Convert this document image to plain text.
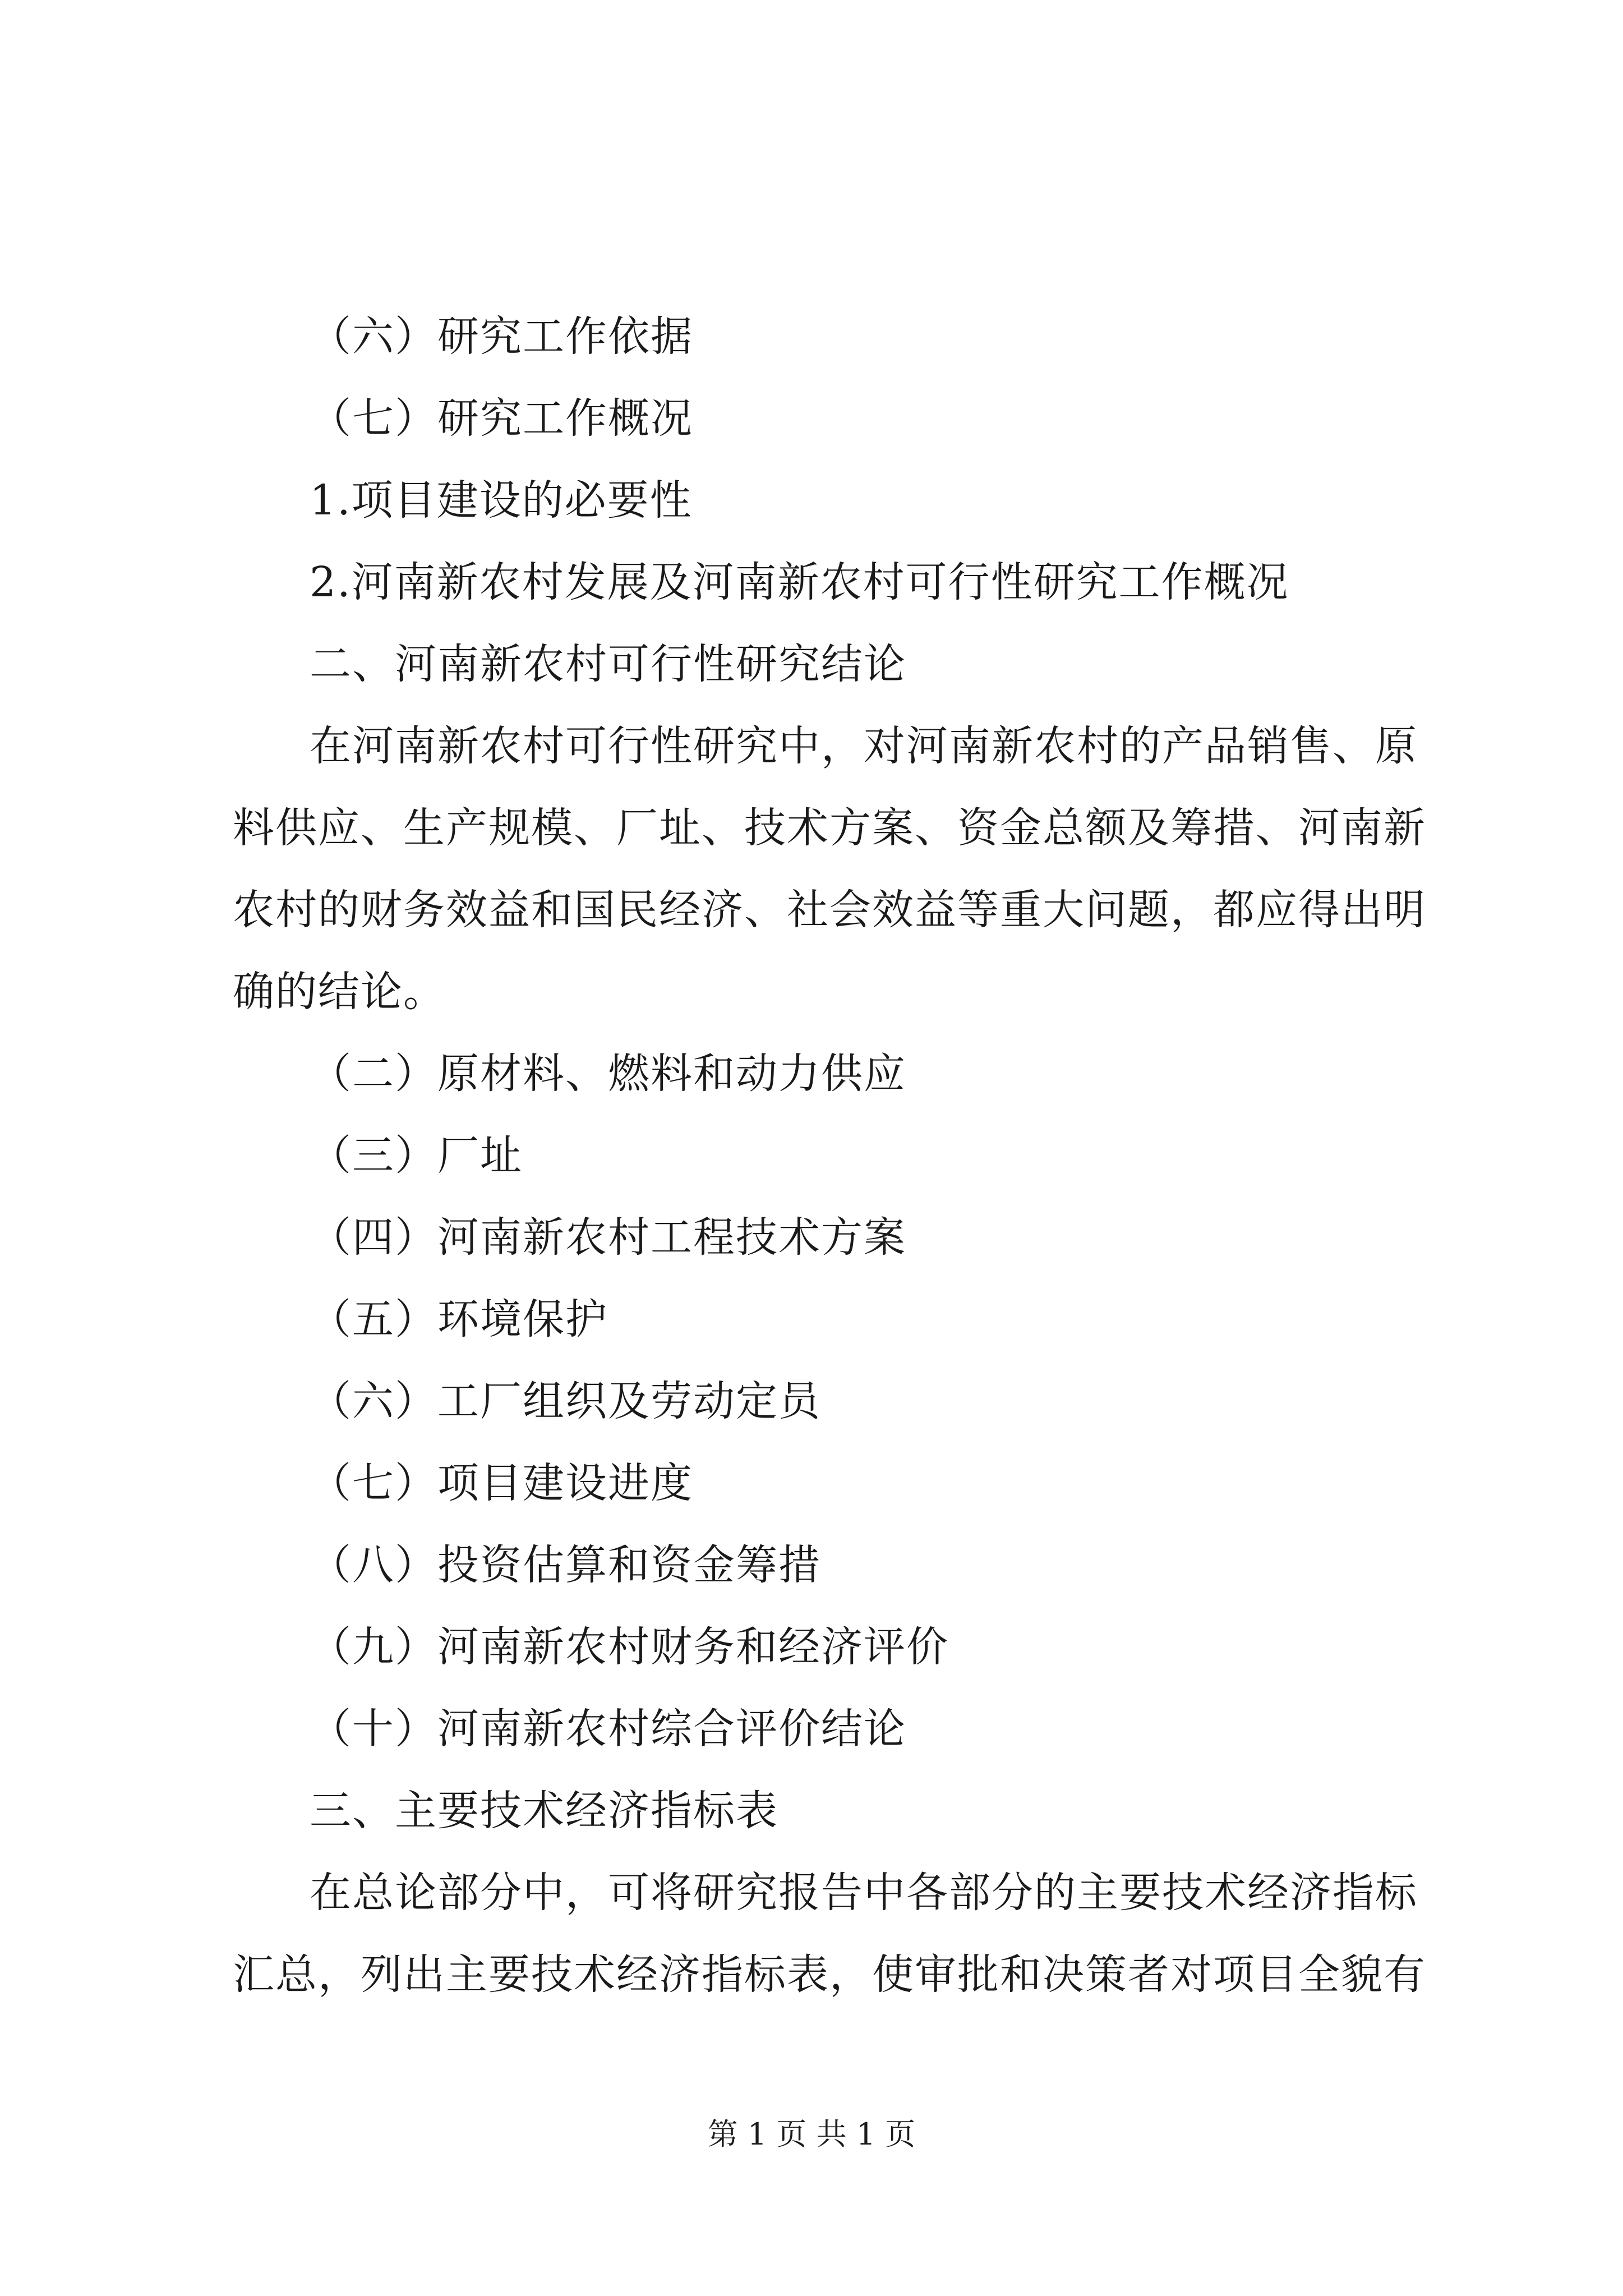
（六）研究工作依据

（七）研究工作概况

1.项目建设的必要性

2.河南新农村发展及河南新农村可行性研究工作概况

二、河南新农村可行性研究结论

在河南新农村可行性研究中，对河南新农村的产品销售、原

料供应、生产规模、厂址、技术方案、资金总额及筹措、河南新

农村的财务效益和国民经济、社会效益等重大问题，都应得出明

确的结论。

（二）原材料、燃料和动力供应

（三）厂址

（四）河南新农村工程技术方案

（五）环境保护

（六）工厂组织及劳动定员

（七）项目建设进度

（八）投资估算和资金筹措

（九）河南新农村财务和经济评价

（十）河南新农村综合评价结论

三、主要技术经济指标表

在总论部分中，可将研究报告中各部分的主要技术经济指标

汇总，列出主要技术经济指标表，使审批和决策者对项目全貌有

第 1 页 共 1 页
